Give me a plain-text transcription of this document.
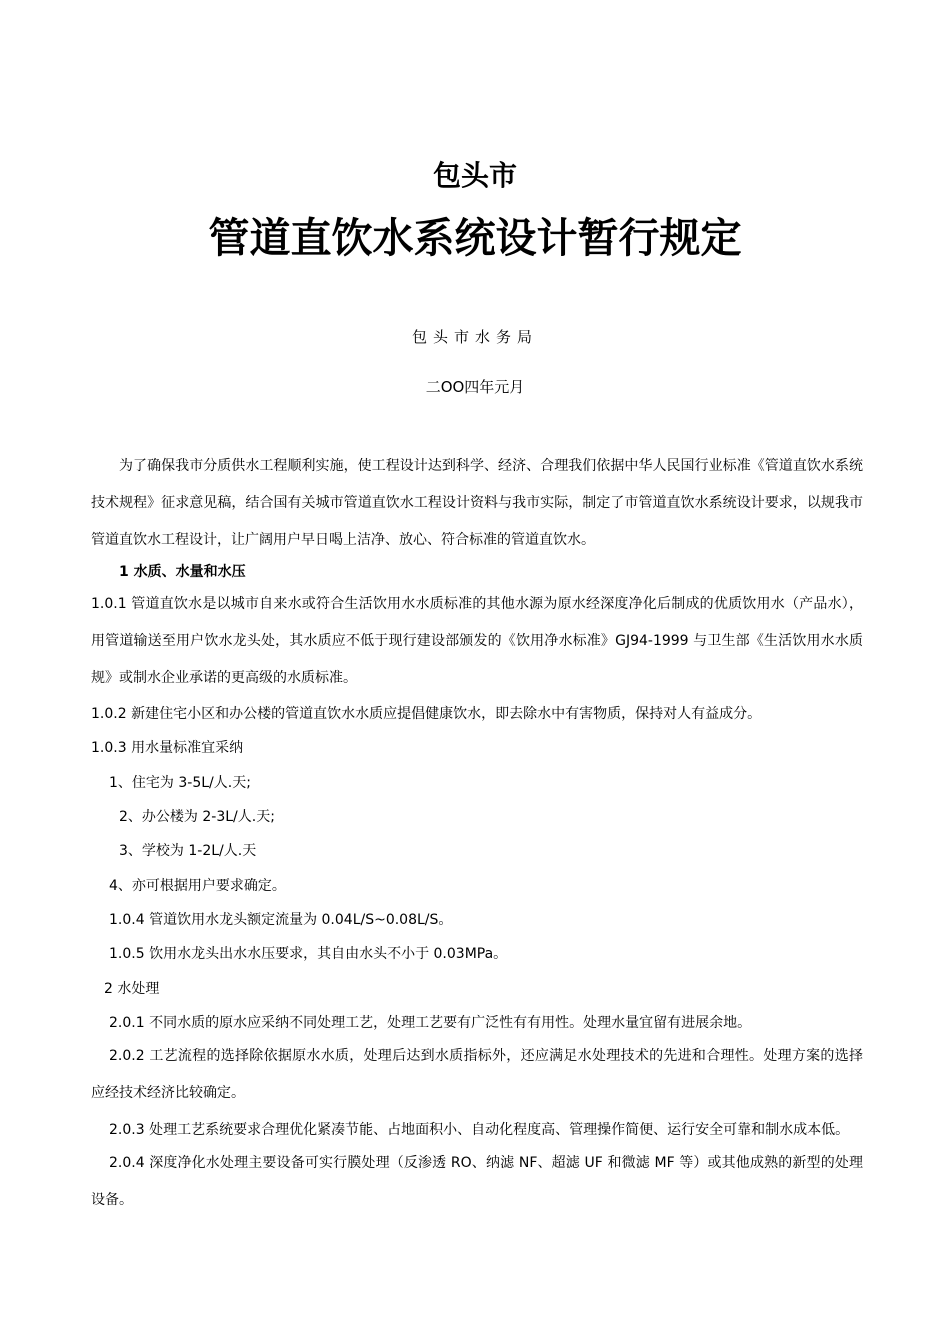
包头市
管道直饮水系统设计暂行规定
包头市水务局
二OO四年元月
为了确保我市分质供水工程顺利实施，使工程设计达到科学、经济、合理我们依据中华人民国行业标准《管道直饮水系统技术规程》征求意见稿，结合国有关城市管道直饮水工程设计资料与我市实际，制定了市管道直饮水系统设计要求，以规我市管道直饮水工程设计，让广阔用户早日喝上洁净、放心、符合标准的管道直饮水。
1 水质、水量和水压
1.0.1 管道直饮水是以城市自来水或符合生活饮用水水质标准的其他水源为原水经深度净化后制成的优质饮用水（产品水），用管道输送至用户饮水龙头处，其水质应不低于现行建设部颁发的《饮用净水标准》GJ94-1999 与卫生部《生活饮用水水质规》或制水企业承诺的更高级的水质标准。
1.0.2 新建住宅小区和办公楼的管道直饮水水质应提倡健康饮水，即去除水中有害物质，保持对人有益成分。
1.0.3 用水量标准宜采纳
1、住宅为 3-5L/人.天;
2、办公楼为 2-3L/人.天;
3、学校为 1-2L/人.天
4、亦可根据用户要求确定。
1.0.4 管道饮用水龙头额定流量为 0.04L/S~0.08L/S。
1.0.5 饮用水龙头出水水压要求，其自由水头不小于 0.03MPa。
2 水处理
2.0.1 不同水质的原水应采纳不同处理工艺，处理工艺要有广泛性有有用性。处理水量宜留有进展余地。
2.0.2 工艺流程的选择除依据原水水质，处理后达到水质指标外，还应满足水处理技术的先进和合理性。处理方案的选择应经技术经济比较确定。
2.0.3 处理工艺系统要求合理优化紧凑节能、占地面积小、自动化程度高、管理操作简便、运行安全可靠和制水成本低。
2.0.4 深度净化水处理主要设备可实行膜处理（反渗透 RO、纳滤 NF、超滤 UF 和微滤 MF 等）或其他成熟的新型的处理设备。
